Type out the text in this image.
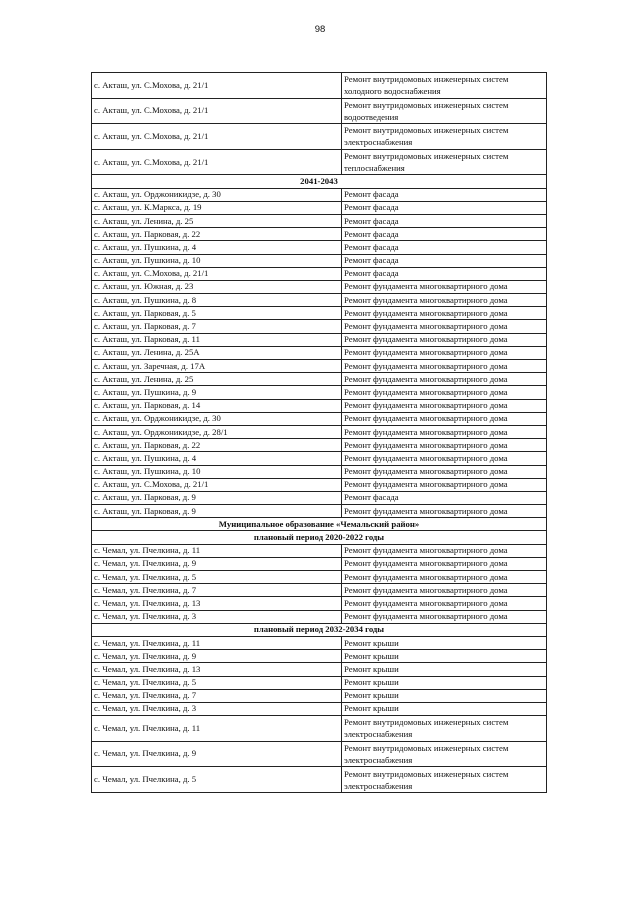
98
с. Акташ, ул. С.Мохова, д. 21/1	Ремонт внутридомовых инженерных систем холодного водоснабжения
с. Акташ, ул. С.Мохова, д. 21/1	Ремонт внутридомовых инженерных систем водоотведения
с. Акташ, ул. С.Мохова, д. 21/1	Ремонт внутридомовых инженерных систем электроснабжения
с. Акташ, ул. С.Мохова, д. 21/1	Ремонт внутридомовых инженерных систем теплоснабжения
2041-2043	
с. Акташ, ул. Орджоникидзе, д. 30	Ремонт фасада
с. Акташ, ул. К.Маркса, д. 19	Ремонт фасада
с. Акташ, ул. Ленина, д. 25	Ремонт фасада
с. Акташ, ул. Парковая, д. 22	Ремонт фасада
с. Акташ, ул. Пушкина, д. 4	Ремонт фасада
с. Акташ, ул. Пушкина, д. 10	Ремонт фасада
с. Акташ, ул. С.Мохова, д. 21/1	Ремонт фасада
с. Акташ, ул. Южная, д. 23	Ремонт фундамента многоквартирного дома
с. Акташ, ул. Пушкина, д. 8	Ремонт фундамента многоквартирного дома
с. Акташ, ул. Парковая, д. 5	Ремонт фундамента многоквартирного дома
с. Акташ, ул. Парковая, д. 7	Ремонт фундамента многоквартирного дома
с. Акташ, ул. Парковая, д. 11	Ремонт фундамента многоквартирного дома
с. Акташ, ул. Ленина, д. 25А	Ремонт фундамента многоквартирного дома
с. Акташ, ул. Заречная, д. 17А	Ремонт фундамента многоквартирного дома
с. Акташ, ул. Ленина, д. 25	Ремонт фундамента многоквартирного дома
с. Акташ, ул. Пушкина, д. 9	Ремонт фундамента многоквартирного дома
с. Акташ, ул. Парковая, д. 14	Ремонт фундамента многоквартирного дома
с. Акташ, ул. Орджоникидзе, д. 30	Ремонт фундамента многоквартирного дома
с. Акташ, ул. Орджоникидзе, д. 28/1	Ремонт фундамента многоквартирного дома
с. Акташ, ул. Парковая, д. 22	Ремонт фундамента многоквартирного дома
с. Акташ, ул. Пушкина, д. 4	Ремонт фундамента многоквартирного дома
с. Акташ, ул. Пушкина, д. 10	Ремонт фундамента многоквартирного дома
с. Акташ, ул. С.Мохова, д. 21/1	Ремонт фундамента многоквартирного дома
с. Акташ, ул. Парковая, д. 9	Ремонт фасада
с. Акташ, ул. Парковая, д. 9	Ремонт фундамента многоквартирного дома
Муниципальное образование «Чемальский район»	
плановый период 2020-2022 годы	
с. Чемал, ул. Пчелкина, д. 11	Ремонт фундамента многоквартирного дома
с. Чемал, ул. Пчелкина, д. 9	Ремонт фундамента многоквартирного дома
с. Чемал, ул. Пчелкина, д. 5	Ремонт фундамента многоквартирного дома
с. Чемал, ул. Пчелкина, д. 7	Ремонт фундамента многоквартирного дома
с. Чемал, ул. Пчелкина, д. 13	Ремонт фундамента многоквартирного дома
с. Чемал, ул. Пчелкина, д. 3	Ремонт фундамента многоквартирного дома
плановый период 2032-2034 годы	
с. Чемал, ул. Пчелкина, д. 11	Ремонт крыши
с. Чемал, ул. Пчелкина, д. 9	Ремонт крыши
с. Чемал, ул. Пчелкина, д. 13	Ремонт крыши
с. Чемал, ул. Пчелкина, д. 5	Ремонт крыши
с. Чемал, ул. Пчелкина, д. 7	Ремонт крыши
с. Чемал, ул. Пчелкина, д. 3	Ремонт крыши
с. Чемал, ул. Пчелкина, д. 11	Ремонт внутридомовых инженерных систем электроснабжения
с. Чемал, ул. Пчелкина, д. 9	Ремонт внутридомовых инженерных систем электроснабжения
с. Чемал, ул. Пчелкина, д. 5	Ремонт внутридомовых инженерных систем электроснабжения
